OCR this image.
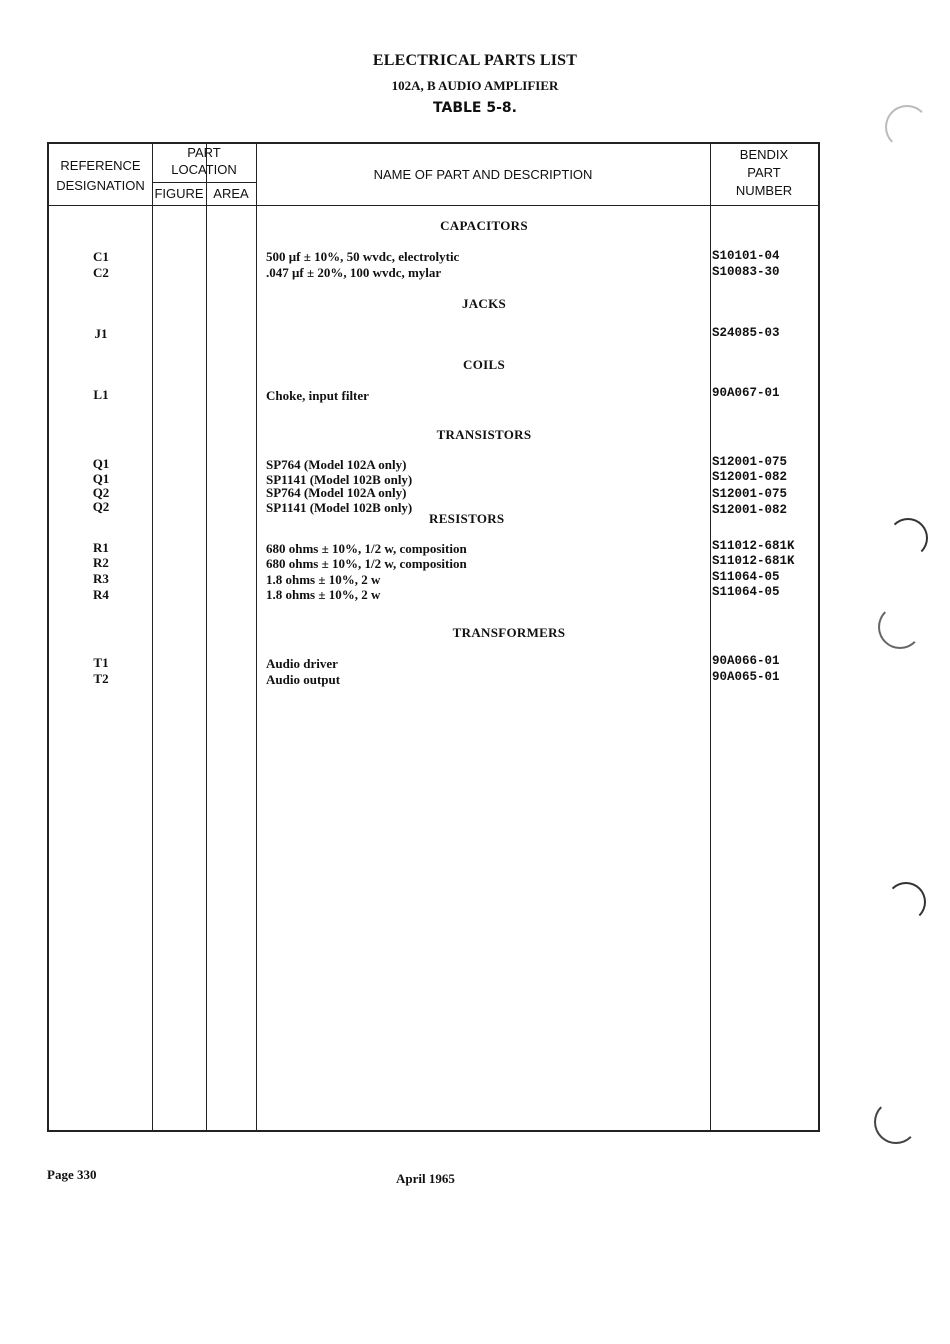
ELECTRICAL PARTS LIST
102A, B AUDIO AMPLIFIER
TABLE 5-8.
REFERENCE
DESIGNATION
PART
LOCATION
FIGURE AREA
NAME OF PART AND DESCRIPTION
BENDIX
PART
NUMBER
CAPACITORS
C1	500 μf ± 10%, 50 wvdc, electrolytic	S10101-04
C2	.047 μf ± 20%, 100 wvdc, mylar	S10083-30
JACKS
J1	S24085-03
COILS
L1	Choke, input filter	90A067-01
TRANSISTORS
Q1	SP764 (Model 102A only)	S12001-075
Q1	SP1141 (Model 102B only)	S12001-082
Q2	SP764 (Model 102A only)	S12001-075
Q2	SP1141 (Model 102B only)	S12001-082
RESISTORS
R1	680 ohms ± 10%, 1/2 w, composition	S11012-681K
R2	680 ohms ± 10%, 1/2 w, composition	S11012-681K
R3	1.8 ohms ± 10%, 2 w	S11064-05
R4	1.8 ohms ± 10%, 2 w	S11064-05
TRANSFORMERS
T1	Audio driver	90A066-01
T2	Audio output	90A065-01
Page 330	April 1965
